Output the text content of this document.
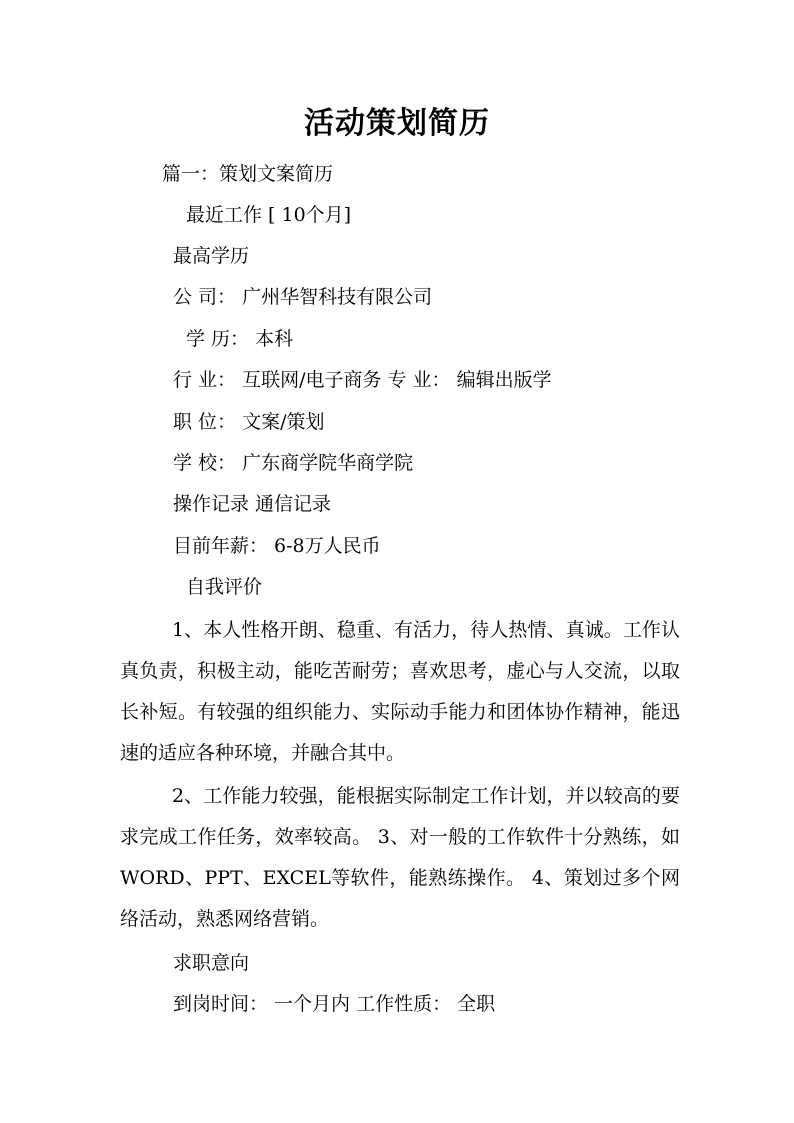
活动策划简历
篇一：策划文案简历
最近工作 [ 10个月]
最高学历
公 司： 广州华智科技有限公司
学 历： 本科
行 业： 互联网/电子商务 专 业： 编辑出版学
职 位： 文案/策划
学 校： 广东商学院华商学院
操作记录 通信记录
目前年薪： 6-8万人民币
自我评价

1、本人性格开朗、稳重、有活力，待人热情、真诚。工作认真负责，积极主动，能吃苦耐劳；喜欢思考，虚心与人交流，以取长补短。有较强的组织能力、实际动手能力和团体协作精神，能迅速的适应各种环境，并融合其中。

2、工作能力较强，能根据实际制定工作计划，并以较高的要求完成工作任务，效率较高。 3、对一般的工作软件十分熟练，如WORD、PPT、EXCEL等软件，能熟练操作。 4、策划过多个网络活动，熟悉网络营销。

求职意向
到岗时间： 一个月内 工作性质： 全职
